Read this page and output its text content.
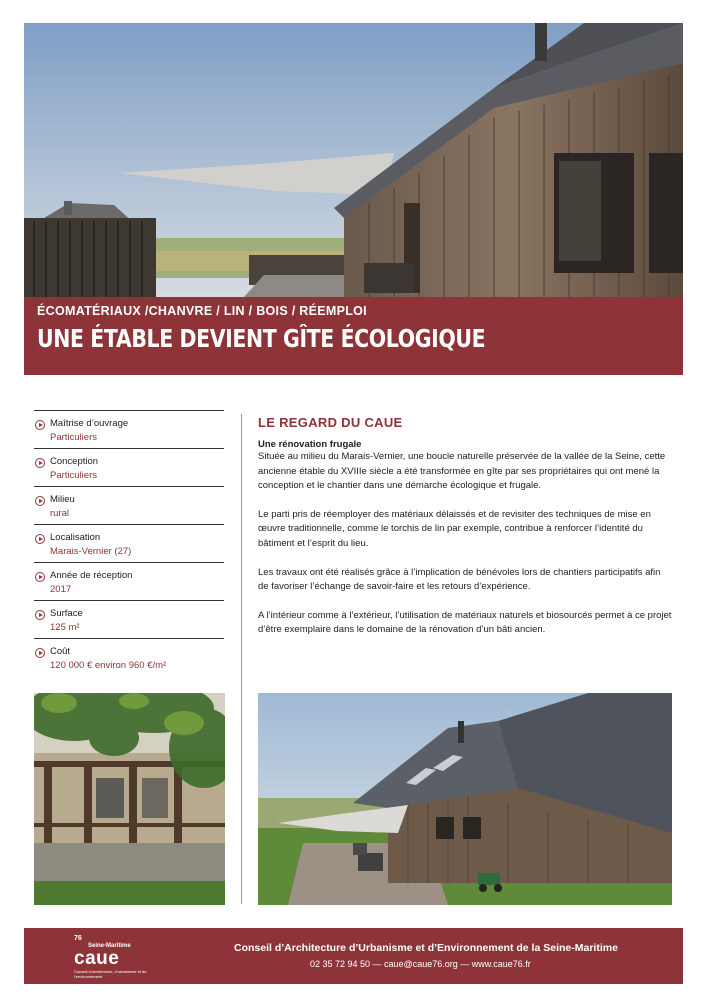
ÉCOMATÉRIAUX /CHANVRE / LIN / BOIS / RÉEMPLOI
UNE ÉTABLE DEVIENT GÎTE ÉCOLOGIQUE
Maîtrise d’ouvrage
Particuliers
Conception
Particuliers
Milieu
rural
Localisation
Marais-Vernier (27)
Année de réception
2017
Surface
125 m²
Coût
120 000 € environ 960 €/m²
LE REGARD DU CAUE
Une rénovation frugale

Située au milieu du Marais-Vernier, une boucle naturelle préservée de la vallée de la Seine, cette ancienne étable du XVIIIe siècle a été transformée en gîte par ses propriétaires qui ont mené la conception et le chantier dans une démarche écologique et frugale.

Le parti pris de réemployer des matériaux délaissés et de revisiter des techniques de mise en œuvre traditionnelle, comme le torchis de lin par exemple, contribue à renforcer l’identité du bâtiment et l’esprit du lieu.

Les travaux ont été réalisés grâce à l’implication de bénévoles lors de chantiers participatifs afin de favoriser l’échange de savoir-faire et les retours d’expérience.

A l’intérieur comme à l’extérieur, l’utilisation de matériaux naturels et biosourcés permet à ce projet d’être exemplaire dans le domaine de la rénovation d’un bâti ancien.

76
Seine-Maritime
caue
Conseil d’architecture, d’urbanisme et de l’environnement
Conseil d’Architecture d’Urbanisme et d’Environnement de la Seine-Maritime
02 35 72 94 50 — caue@caue76.org — www.caue76.fr
